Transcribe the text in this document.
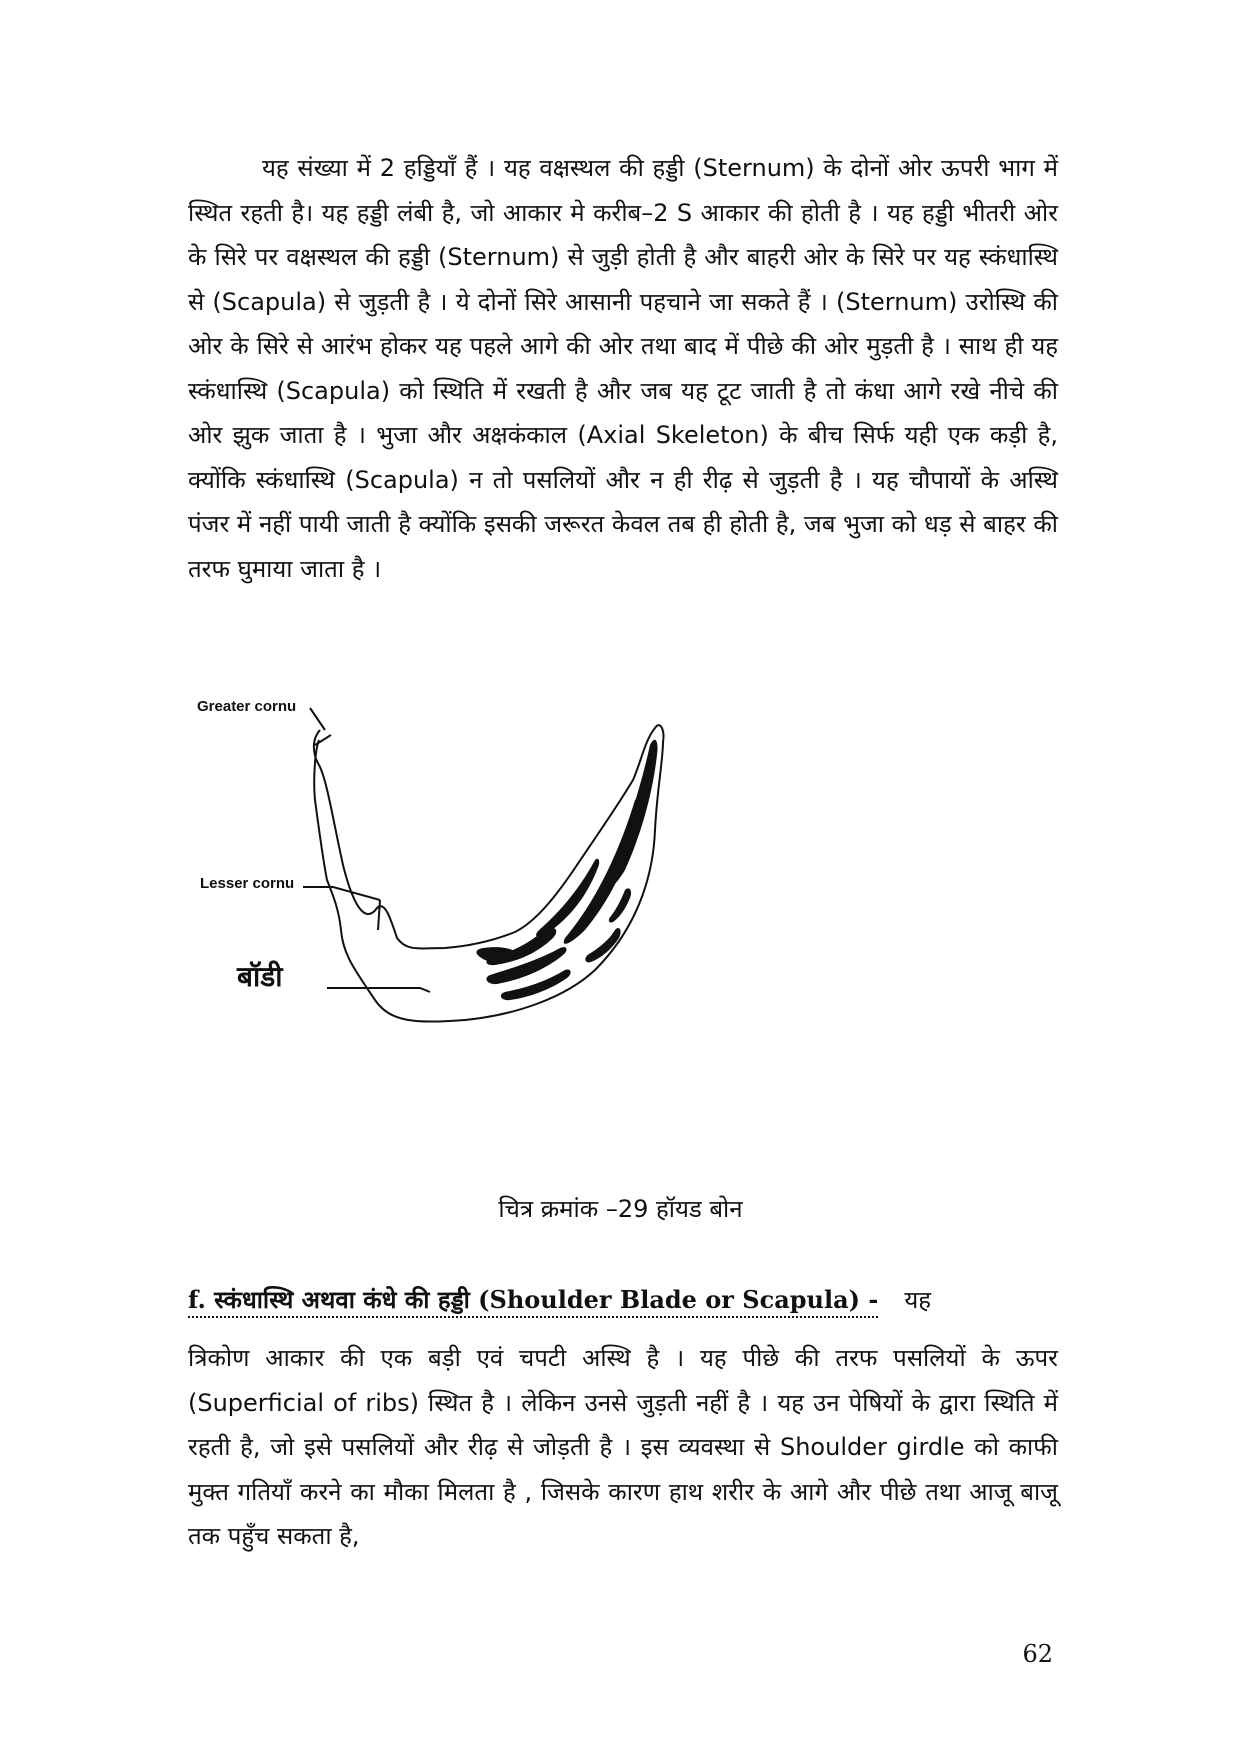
यह संख्या में 2 हड्डियॉं हैं । यह वक्षस्थल की हड्डी (Sternum) के दोनों ओर ऊपरी भाग में स्थित रहती है। यह हड्डी लंबी है, जो आकार मे करीब–2 S आकार की होती है । यह हड्डी भीतरी ओर के सिरे पर वक्षस्थल की हड्डी (Sternum) से जुड़ी होती है और बाहरी ओर के सिरे पर यह स्कंधास्थि से (Scapula) से जुड़ती है । ये दोनों सिरे आसानी पहचाने जा सकते हैं । (Sternum) उरोस्थि की ओर के सिरे से आरंभ होकर यह पहले आगे की ओर तथा बाद में पीछे की ओर मुड़ती है । साथ ही यह स्कंधास्थि (Scapula) को स्थिति में रखती है और जब यह टूट जाती है तो कंधा आगे रखे नीचे की ओर झुक जाता है । भुजा और अक्षकंकाल (Axial Skeleton) के बीच सिर्फ यही एक कड़ी है, क्योंकि स्कंधास्थि (Scapula) न तो पसलियों और न ही रीढ़ से जुड़ती है । यह चौपायों के अस्थि पंजर में नहीं पायी जाती है क्योंकि इसकी जरूरत केवल तब ही होती है, जब भुजा को धड़ से बाहर की तरफ घुमाया जाता है ।

Greater cornu
Lesser cornu
बॉडी
चित्र क्रमांक –29 हॉयड बोन
f. स्कंधास्थि अथवा कंधे की हड्डी (Shoulder Blade or Scapula) - यह

त्रिकोण आकार की एक बड़ी एवं चपटी अस्थि है । यह पीछे की तरफ पसलियों के ऊपर (Superficial of ribs) स्थित है । लेकिन उनसे जुड़ती नहीं है । यह उन पेषियों के द्वारा स्थिति में रहती है, जो इसे पसलियों और रीढ़ से जोड़ती है । इस व्यवस्था से Shoulder girdle को काफी मुक्त गतियॉं करने का मौका मिलता है , जिसके कारण हाथ शरीर के आगे और पीछे तथा आजू बाजू तक पहुॅंच सकता है,

62
